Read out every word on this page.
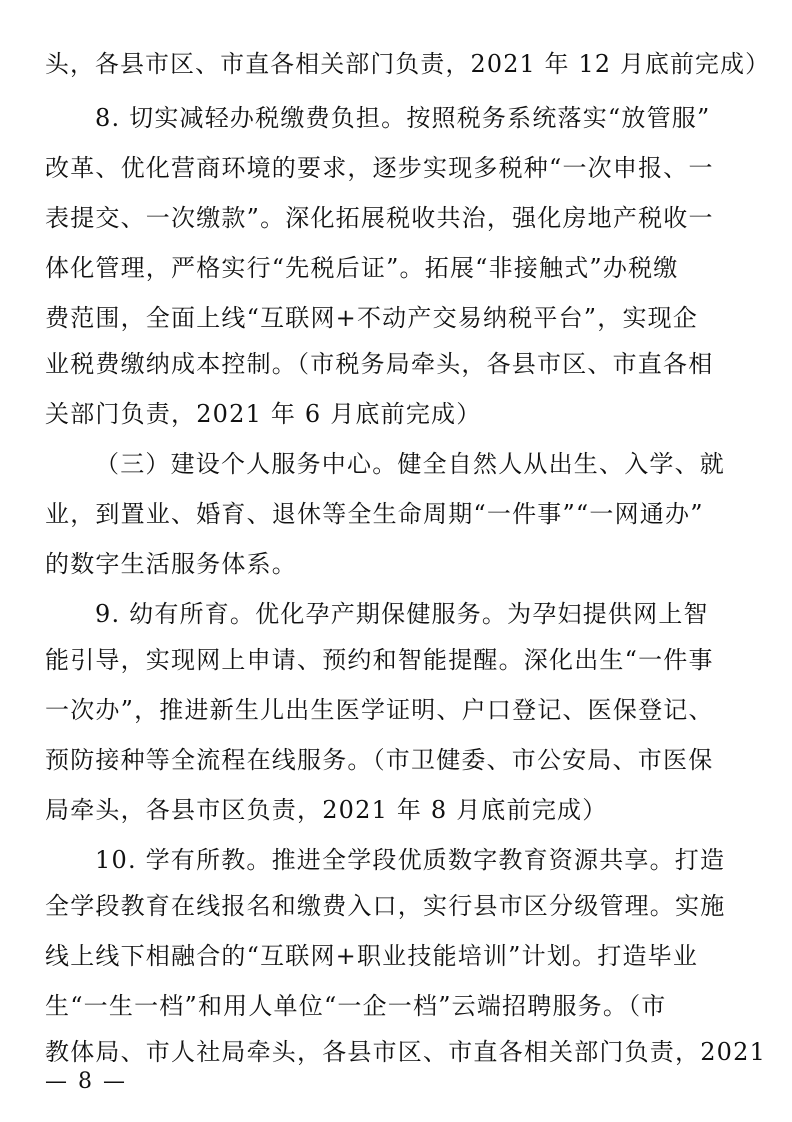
头，各县市区、市直各相关部门负责，2021 年 12 月底前完成）
8. 切实减轻办税缴费负担。按照税务系统落实“放管服”
改革、优化营商环境的要求，逐步实现多税种“一次申报、一
表提交、一次缴款”。深化拓展税收共治，强化房地产税收一
体化管理，严格实行“先税后证”。拓展“非接触式”办税缴
费范围，全面上线“互联网+不动产交易纳税平台”，实现企
业税费缴纳成本控制。（市税务局牵头，各县市区、市直各相
关部门负责，2021 年 6 月底前完成）
（三）建设个人服务中心。健全自然人从出生、入学、就
业，到置业、婚育、退休等全生命周期“一件事”“一网通办”
的数字生活服务体系。
9. 幼有所育。优化孕产期保健服务。为孕妇提供网上智
能引导，实现网上申请、预约和智能提醒。深化出生“一件事
一次办”，推进新生儿出生医学证明、户口登记、医保登记、
预防接种等全流程在线服务。（市卫健委、市公安局、市医保
局牵头，各县市区负责，2021 年 8 月底前完成）
10. 学有所教。推进全学段优质数字教育资源共享。打造
全学段教育在线报名和缴费入口，实行县市区分级管理。实施
线上线下相融合的“互联网+职业技能培训”计划。打造毕业
生“一生一档”和用人单位“一企一档”云端招聘服务。（市
教体局、市人社局牵头，各县市区、市直各相关部门负责，2021
— 8 —
